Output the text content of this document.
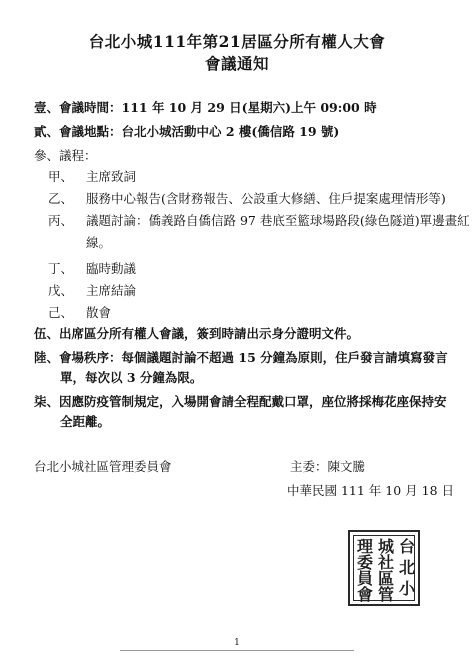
台北小城111年第21居區分所有權人大會
會議通知
壹、會議時間：111 年 10 月 29 日(星期六)上午 09:00 時
貳、會議地點：台北小城活動中心 2 樓(僑信路 19 號)
參、議程：
甲、 主席致詞
乙、 服務中心報告(含財務報告、公設重大修繕、住戶提案處理情形等)
丙、 議題討論：僑義路自僑信路 97 巷底至籃球場路段(綠色隧道)單邊畫紅
線。
丁、 臨時動議
戊、 主席結論
己、 散會
伍、出席區分所有權人會議，簽到時請出示身分證明文件。
陸、會場秩序：每個議題討論不超過 15 分鐘為原則，住戶發言請填寫發言
單，每次以 3 分鐘為限。
柒、因應防疫管制規定，入場開會請全程配戴口罩，座位將採梅花座保持安
全距離。
台北小城社區管理委員會	主委：陳文騰
中華民國 111 年 10 月 18 日
台
北
小
城
社
區
管
理
委
員
會
1
